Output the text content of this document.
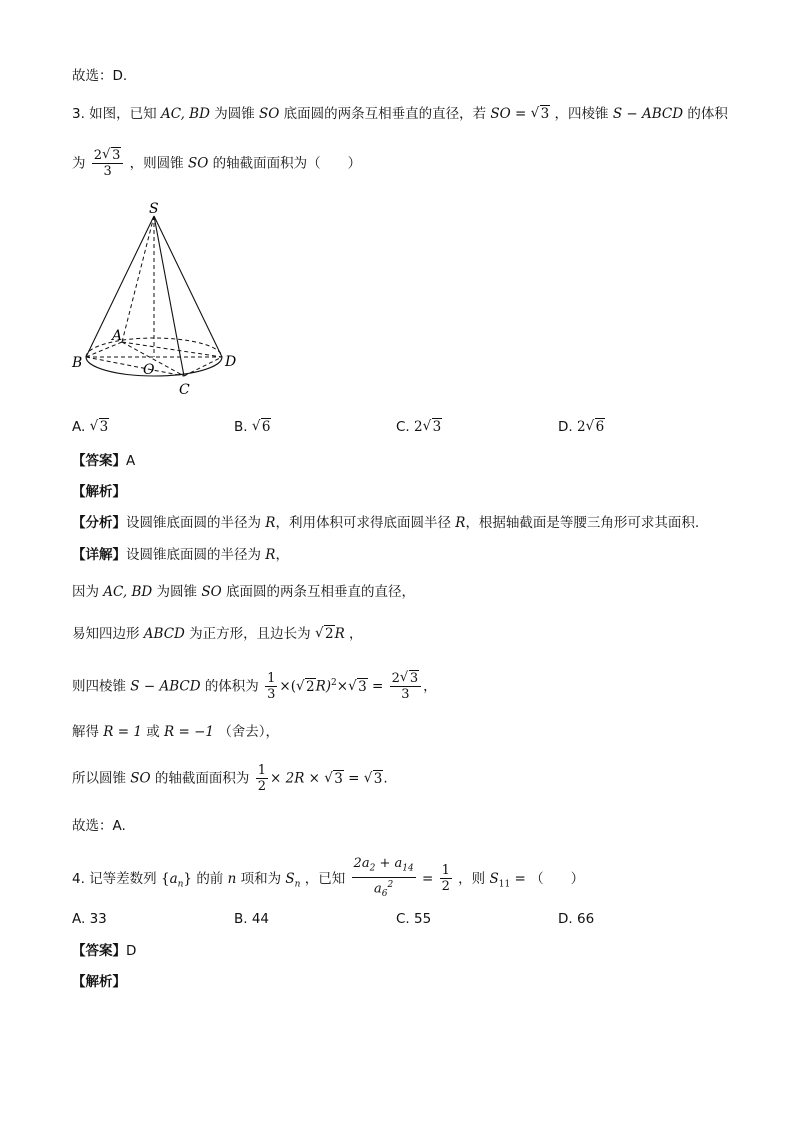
故选：D.
3. 如图，已知 AC, BD 为圆锥 SO 底面圆的两条互相垂直的直径，若 SO = √ 3 ，四棱锥 S − ABCD 的体积
为 $\frac{2 √ 3}{3}$ ，则圆锥 SO 的轴截面面积为（　　）
S
A
B	O
C
D
A. √ 3	B. √ 6	C. 2 √ 3	D. 2 √ 6
【答案】A
【解析】
【分析】设圆锥底面圆的半径为 R，利用体积可求得底面圆半径 R，根据轴截面是等腰三角形可求其面积.
【详解】设圆锥底面圆的半径为 R，
因为 AC, BD 为圆锥 SO 底面圆的两条互相垂直的直径，
易知四边形 ABCD 为正方形，且边长为 √ 2R ，
则四棱锥 S − ABCD 的体积为 $\frac{1}{3}$ ×( √ 2R)$^2$× √ $3 = \frac{2 √ 3}{3}$ ，
解得 R = 1 或 R = −1 （舍去），
所以圆锥 SO 的轴截面面积为 $\frac{1}{2} \times 2R$ × √ 3 = √ 3.
故选：A.
4. 记等差数列 $\{a_n\}$ 的前 n 项和为 $S_n$ ，已知 $\frac{2a_2 + a_{14}}{a_6^2} = \frac{1}{2}$ ，则 $S_{11}$ = （　　）
A. 33	B. 44	C. 55	D. 66
【答案】D
【解析】
